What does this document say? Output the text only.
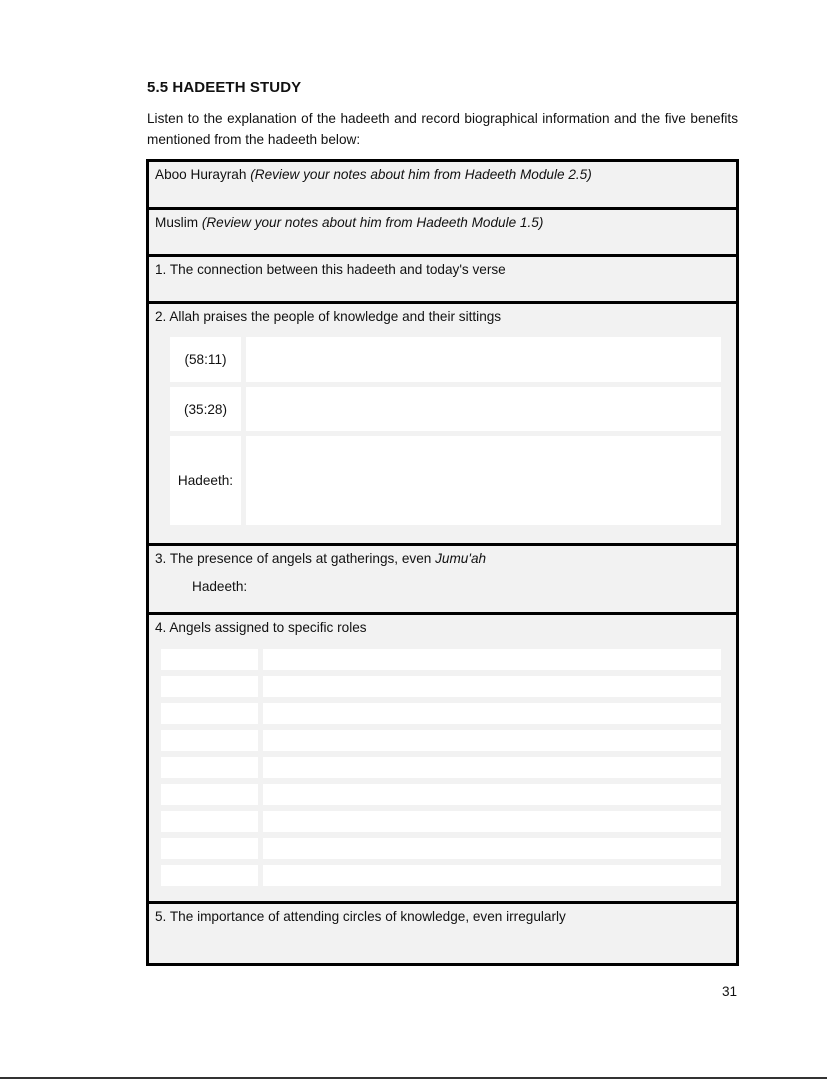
5.5 HADEETH STUDY
Listen to the explanation of the hadeeth and record biographical information and the five benefits mentioned from the hadeeth below:
Aboo Hurayrah (Review your notes about him from Hadeeth Module 2.5)
Muslim (Review your notes about him from Hadeeth Module 1.5)
1. The connection between this hadeeth and today's verse
2. Allah praises the people of knowledge and their sittings
(58:11)
(35:28)
Hadeeth:
3. The presence of angels at gatherings, even Jumu'ah
Hadeeth:
4. Angels assigned to specific roles
5. The importance of attending circles of knowledge, even irregularly
31
